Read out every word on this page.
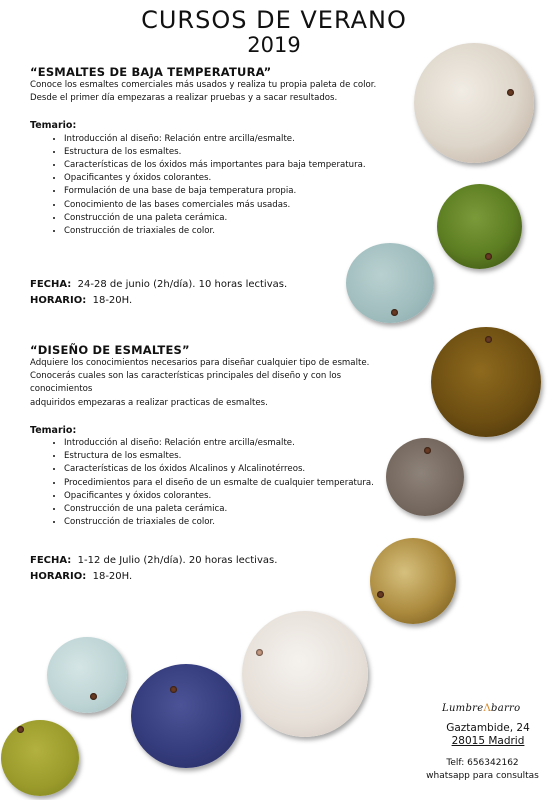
CURSOS DE VERANO
2019

“ESMALTES DE BAJA TEMPERATURA”

Conoce los esmaltes comerciales más usados y realiza tu propia paleta de color.

Desde el primer día empezaras a realizar pruebas y a sacar resultados.

Temario:
• Introducción al diseño: Relación entre arcilla/esmalte.
• Estructura de los esmaltes.
• Características de los óxidos más importantes para baja temperatura.
• Opacificantes y óxidos colorantes.
• Formulación de una base de baja temperatura propia.
• Conocimiento de las bases comerciales más usadas.
• Construcción de una paleta cerámica.
• Construcción de triaxiales de color.
FECHA: 24-28 de junio (2h/día). 10 horas lectivas.
HORARIO: 18-20H.

“DISEÑO DE ESMALTES”

Adquiere los conocimientos necesarios para diseñar cualquier tipo de esmalte.

Conocerás cuales son las características principales del diseño y con los conocimientos

adquiridos empezaras a realizar practicas de esmaltes.

Temario:
• Introducción al diseño: Relación entre arcilla/esmalte.
• Estructura de los esmaltes.
• Características de los óxidos Alcalinos y Alcalinotérreos.
• Procedimientos para el diseño de un esmalte de cualquier temperatura.
• Opacificantes y óxidos colorantes.
• Construcción de una paleta cerámica.
• Construcción de triaxiales de color.
FECHA: 1-12 de Julio (2h/día). 20 horas lectivas.
HORARIO: 18-20H.
LumbreΛbarro
Gaztambide, 24
28015 Madrid
Telf: 656342162
whatsapp para consultas
